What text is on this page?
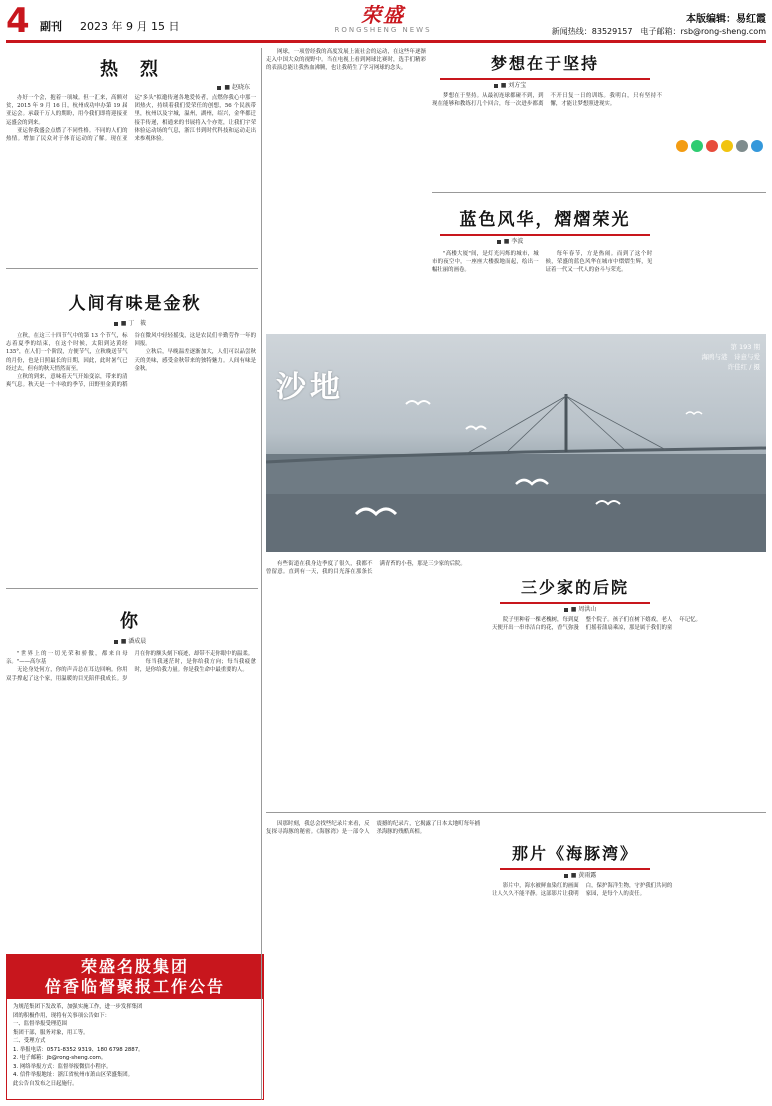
4 副刊	2023 年 9 月 15 日	荣盛
RONGSHENG NEWS
本版编辑：易红霞
新闻热线：83529157　电子邮箱：rsb@rong-sheng.com
热　烈
■ 赵晓东

办好一个会，抱着一项城。但一汇来，高额对贫，2015 年 9 月 16 日，杭州成功申办第 19 届亚运会。承载千万人的期盼，用今我们即将迎接亚运盛会的到来。

亚运你我盛会点燃了不同性格。不同的人们的热情。增加了民众对于体育运动的了解。现在亚运"多头"拟邀传递各地爱传者，点燃你我心中那一团热火，持续着我们爱荣任的创想，56 个民族带里，杭州以及宇城，温州，湖州，绍兴，金华都迁接手传递，相通来的书展将入个亦宽，让我们宇荣体验运动场的气息，浙江书到时代科技和运动走出来参观体验。

人间有味是金秋
■ 丁　筱

立秋，在这三十四节气中的第 13 个节气，标志着夏季的结束，在这个时候，太阳到达黄经 135°，在人们一个阶段，方便节气，立秋晚送节气的月份，也是日照最长的日期，因此，此时暑气已经过去，但有的秋天悄然而至。

立秋的到来，意味着天气开始变凉，带来的清爽气息。秋天是一个丰收的季节，田野里金黄的稻谷在微风中轻轻摇曳，这是农民们辛勤劳作一年的回报。

立秋后，早晚温差逐渐加大，人们可以品尝秋天的美味，感受金秋带来的独特魅力。人间有味是金秋。

你
■ 潘成晨

"世界上的一切光荣和骄傲，都来自母亲。"——高尔基

无论身处何方，你的声音总在耳边回响。你用双手撑起了这个家，用温暖的目光陪伴我成长。岁月在你的额头刻下痕迹，却带不走你眼中的温柔。

每当我迷茫时，是你给我方向；每当我疲惫时，是你给我力量。你是我生命中最重要的人。

荣盛名股集团
倍香临督聚报工作公告
为规范集团下发改革，加强实施工作，进一步发挥集团
团的积极作用，现将有关事项公告如下：
一、监督举报受理范围
集团干部，服务对象，用工等。
二、受理方式
1. 举报电话：0571-8352 9319、180 6798 2887。
2. 电子邮箱：jb@rong-sheng.com。
3. 网络举报方式：监督举报微信小程序。
4. 信件举报地址：浙江省杭州市萧山区荣盛集团。
此公告自发布之日起施行。

网球，一项曾经我的高度发展上流社会的运动，在这些年逐渐走入中国大众的视野中。当在电视上看到网球比赛时，选手们精彩的表演总能让我热血沸腾，也让我萌生了学习网球的念头。	梦想在于坚持
■ 刘方宝

梦想在于坚持。从最初连球都碰不到，到现在能够和教练打几个回合，每一次进步都离不开日复一日的训练。我明白，只有坚持不懈，才能让梦想照进现实。

蓝色风华，熠熠荣光
■ 李波

"高楼大厦"间，是灯光闪烁的城市，城市的夜空中，一座座大楼拔地而起，绘出一幅壮丽的画卷。

每年春节，方是热闹。而到了这个时候，荣盛的蓝色风华在城市中熠熠生辉，见证着一代又一代人的奋斗与荣光。

沙地
第 193 期
海鸥与港　诗意与爱
许佳红 / 摄

有些街道在我身边季度了很久，我都不曾留意。直到有一天，我的目光落在那条长满青苔的小巷，那是三少家的后院。

三少家的后院
■ 周洪山

院子里种着一棵老槐树，每到夏天便开出一串串洁白的花，香气弥漫整个院子。孩子们在树下嬉戏，老人们摇着蒲扇乘凉，那是属于我们的童年记忆。

因那时刻，我总会找些纪录片来看，反复探寻海豚的秘密。《海豚湾》是一部令人震撼的纪录片，它揭露了日本太地町每年捕杀海豚的残酷真相。

那片《海豚湾》
■ 黄雨露

影片中，海水被鲜血染红的画面让人久久不能平静。这部影片让我明白，保护海洋生物，守护我们共同的家园，是每个人的责任。
